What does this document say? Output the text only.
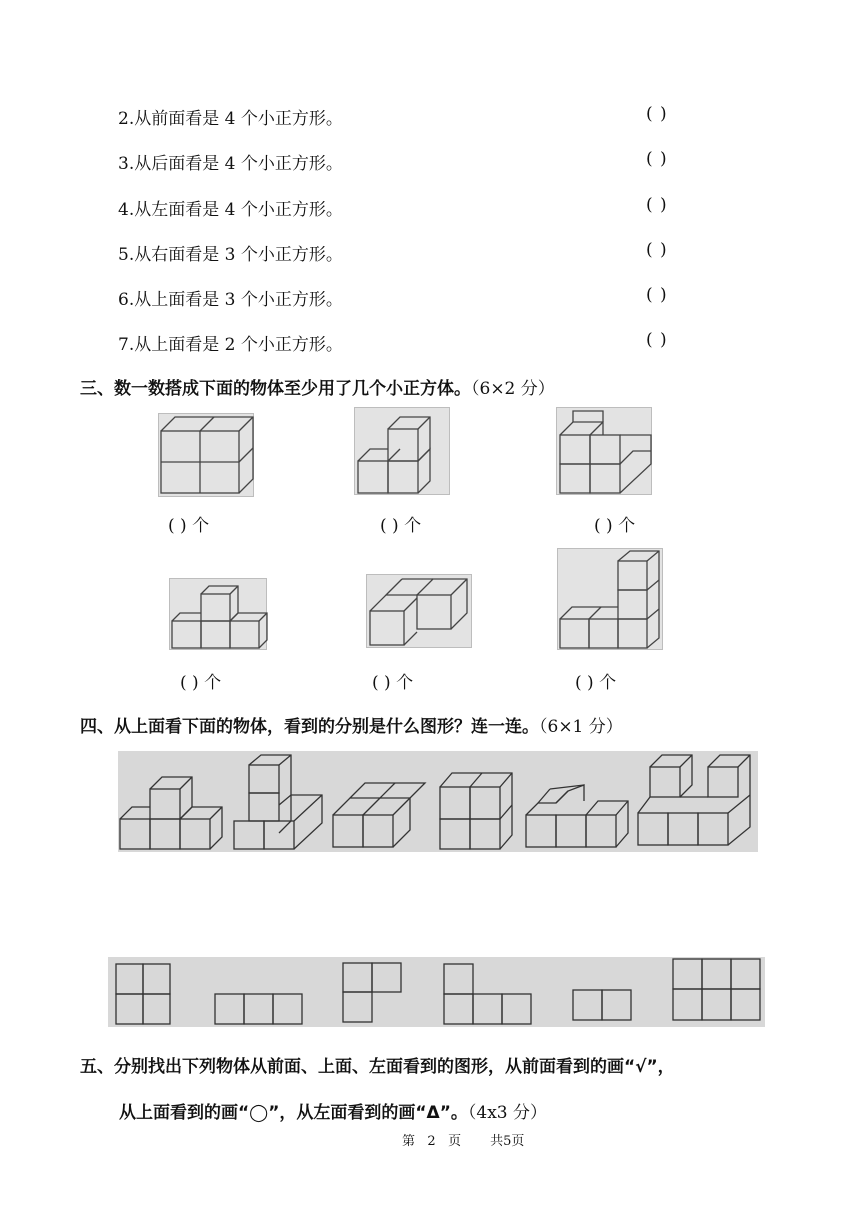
2.从前面看是 4 个小正方形。	( )
3.从后面看是 4 个小正方形。	( )
4.从左面看是 4 个小正方形。	( )
5.从右面看是 3 个小正方形。	( )
6.从上面看是 3 个小正方形。	( )
7.从上面看是 2 个小正方形。	( )
三、数一数搭成下面的物体至少用了几个小正方体。（6×2 分）
( ) 个	( ) 个	( ) 个
( ) 个	( ) 个	( ) 个
四、从上面看下面的物体，看到的分别是什么图形？连一连。（6×1 分）
五、分别找出下列物体从前面、上面、左面看到的图形，从前面看到的画“√”，
从上面看到的画“◯”，从左面看到的画“Δ”。（4x3 分）
第 2 页 共5页
